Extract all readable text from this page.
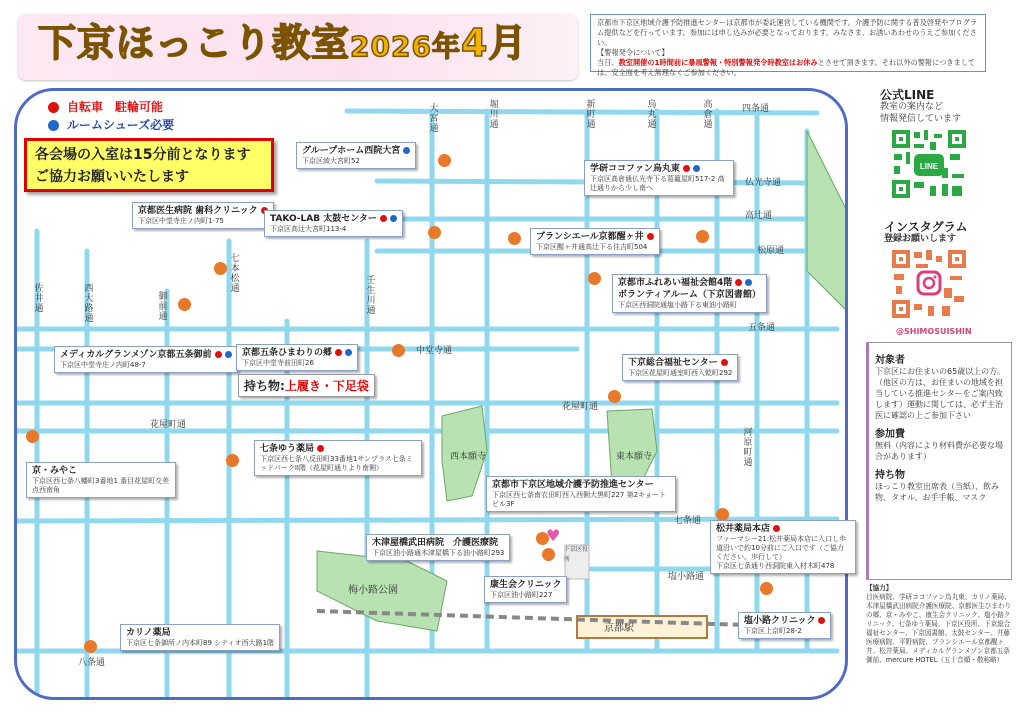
下京ほっこり教室2026年4月	京都市下京区地域介護予防推進センターは京都市が委託運営している機関です。介護予防に関する普及啓発やプログラム提供などを行っています。参加には申し込みが必要となっております。みなさま、お誘いあわせのうえご参加ください。
【警報発令について】
当日、教室開催の1時間前に暴風警報・特別警報発令時教室はお休みとさせて頂きます。それ以外の警報につきましては、安全面を考え無理なくご参加ください。
自転車　駐輪可能
ルームシューズ必要
各会場の入室は15分前となります
ご協力お願いいたします
大宮通
堀川通
新町通
烏丸通
高倉通
四条通
仏光寺通
高辻通
松原通
五条通
中堂寺通
花屋町通
花屋町通
七条通
塩小路通
八条通
佐井通
西大路通
御前通
七本松通
壬生川通
河原町通
西本願寺	東本願寺
梅小路公園
京都駅
下京区役所
♥
グループホーム西院大宮
下京区綾大宮町52
京都医生病院 歯科クリニック
下京区中堂寺庄ノ内町1-75	TAKO-LAB 太鼓センター
下京区高辻大宮町113-4
学研ココファン烏丸東
下京区高倉通仏光寺下る葛籠屋町517-2 高辻通りから少し南へ
ブランシエール京都醒ヶ井
下京区醒ヶ井通高辻下る住吉町504
京都市ふれあい福祉会館4階
ボランティアルーム（下京図書館）
下京区西洞院通塩小路下る東油小路町
メディカルグランメゾン京都五条御前
下京区中堂寺庄ノ内町48-7
京都五条ひまわりの郷
下京区中堂寺前田町26
持ち物:上履き・下足袋
下京総合福祉センター
下京区花屋町通室町西入乾町292
七条ゆう薬局
下京区西七条八反田町33番地1サンプラス七条ミッドパークII階（花屋町通りより南側）
京・みやこ
下京区西七条八幡町3番地1 番目花屋町交差点西南角	京都市下京区地域介護予防推進センター
下京区西七条南衣田町西入西側大黒町227 第2キョートビル3F
木津屋橋武田病院　介護医療院
下京区油小路通木津屋橋下る油小路町293
松井薬局本店
ファーマシー21:松井薬局本店に入口し歩道沿いで約10分前にご入口です（ご協力ください。歩行して）
下京区七条通り西洞院東入材木町478
康生会クリニック
下京区油小路町227
塩小路クリニック
下京区上京町28-2
カリノ薬局
下京区七条御所ノ内本町89 シティオ西大路1階
公式LINE
教室の案内など
情報発信しています
LINE
インスタグラム
登録お願いします
@SHIMOSUISHIN
対象者
下京区にお住まいの65歳以上の方。　（他区の方は、お住まいの地域を担当している推進センターをご案内致します）運動に関しては、必ず主治医に確認の上ご参加下さい
参加費
無料（内容により材料費が必要な場合があります）
持ち物
ほっこり教室出席表（当紙）、飲み物、タオル、お手手帳、マスク
【協力】
目医病院、学研ココファン烏丸東、カリノ薬局、木津屋橋武田病院介護医療院、京都医生ひまわりの郷、京・みやこ、康生会クリニック、塩小路クリニック、七条ゆう薬局、下京区役所、下京総合福祉センター、下京図書館、太鼓センター、井藤医療病院、平野病院、ブランシエール京都醒ヶ井、松井薬局、メディカルグランメゾン京都五条御前、mercure HOTEL（五十音順・敬称略）
